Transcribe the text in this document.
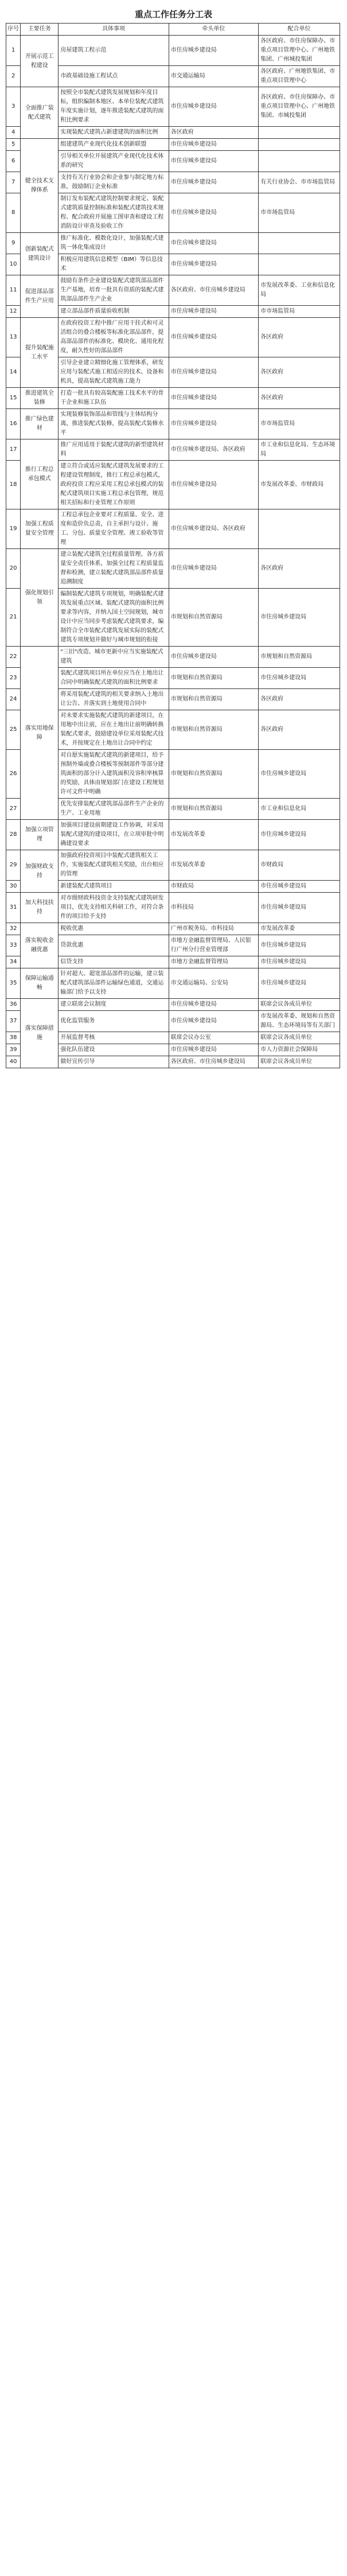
重点工作任务分工表
序号	主要任务	具体事项	牵头单位	配合单位
1	开展示范工程建设	房屋建筑工程示范	市住房城乡建设局	各区政府、市住房保障办、市重点项目管理中心、广州地铁集团、广州城投集团
2		市政基础设施工程试点	市交通运输局	各区政府、广州地铁集团、市重点项目管理中心
3	全面推广装配式建筑	按照全市装配式建筑发展规划和年度目标，组织编制本地区、本单位装配式建筑年度实施计划，逐年推进装配式建筑的面积比例要求	市住房城乡建设局	各区政府、市住房保障办、市重点项目管理中心、广州地铁集团、市城投集团
4		实现装配式建筑占新建建筑的面积比例	各区政府	
5	健全技术支撑体系	组建建筑产业现代化技术创新联盟	市住房城乡建设局	
6		引导相关单位开展建筑产业现代化技术体系的研究	市住房城乡建设局	
7		支持有关行业协会和企业参与制定地方标准，鼓励制订企业标准	市住房城乡建设局	有关行业协会、市市场监管局
8		制订发布装配式建筑控制要求规定、装配式建筑质量控制标准和装配式建筑技术规程、配合政府开展施工图审查和建设工程消防设计审查及验收工作	市住房城乡建设局	市市场监管局
9	创新装配式建筑设计	推广标准化、模数化设计，加强装配式建筑一体化集成设计	市住房城乡建设局	
10		积极应用建筑信息模型（BIM）等信息技术	市住房城乡建设局	
11	促进部品部件生产应用	鼓励有条件企业建设装配式建筑部品部件生产基地，培育一批具有资质的装配式建筑部品部件生产企业	各区政府、市住房城乡建设局	市发展改革委、工业和信息化局
12		建立部品部件质量验收机制	市住房城乡建设局	市市场监管局
13	提升装配施工水平	在政府投资工程中推广应用干挂式和可灵活组合的叠合楼板等标准化部品部件，提高部品部件的标准化、模块化、通用化程度，耐久性好的部品部件	市住房城乡建设局	各区政府
14		引导企业建立精细化施工管理体系，研发应用与装配式施工相适应的技术、设备和机具，提高装配式建筑施工能力	市住房城乡建设局	各区政府
15	推进建筑全装修	打造一批具有较高装配施工技术水平的骨干企业和施工队伍	市住房城乡建设局	各区政府
16	推广绿色建材	实现装修装饰部品和管线与主体结构分离，推进装配式装修，提高装配式装修水平	市住房城乡建设局	市市场监管局
17	推行工程总承包模式	推广应用适用于装配式建筑的新型建筑材料	市住房城乡建设局、各区政府	市工业和信息化局、生态环境局
18		建立符合或适应装配式建筑发展要求的工程建设管理制度，推行工程总承包模式，政府投资工程应采用工程总承包模式的装配式建筑项目实施工程总承包管理，规范相关招标和行业管理工作原则	市住房城乡建设局	市发展改革委、市财政局
19	加强工程质量安全管理	工程总承包企业要对工程质量、安全、进度和造价负总责，自主承担与设计、施工、分包、质量安全管理、竣工验收等管理	市住房城乡建设局、各区政府	
20	强化规划引领	建立装配式建筑全过程质量管理、各方质量安全责任体系，加强全过程工程质量监督和检测，建立装配式建筑部品部件质量追溯制度	市住房城乡建设局	各区政府
21		编制装配式建筑专项规划，明确装配式建筑发展重点区域、装配式建筑的面积比例要求等内容，并纳入国土空间规划，城市设计中应当同步考虑装配式建筑要求，编制符合全市装配式建筑发展实际的装配式建筑专项规划并做好与城市规划的衔接	市规划和自然资源局	市住房城乡建设局
22	落实用地保障	"三旧"改造、城市更新中应当实施装配式建筑	市住房城乡建设局	市规划和自然资源局
23		装配式建筑项目所在单位应当在土地出让合同中明确装配式建筑的面积比例要求	市规划和自然资源局	市住房城乡建设局
24		将采用装配式建筑的相关要求纳入土地出让公告、并落实到土地使用合同中	市规划和自然资源局	各区政府
25		对未要求实施装配式建筑的新建项目，在用地中出让前，应在土地出让前明确转换装配式要求，鼓励建设单位采用装配式技术，并按规定在土地出让合同中约定	市规划和自然资源局	各区政府
26		对自愿实施装配式建筑的新建项目，给予预制外墙或叠合楼板等预制部件等部分建筑面积的部分计入建筑面积及容积率核算的奖励，具体由规划部门在建设工程规划许可文件中明确	市规划和自然资源局	市住房城乡建设局
27		优先安排装配式建筑部品部件生产企业的生产、工业用地	市规划和自然资源局	市工业和信息化局
28	加强立项管理	加强项目建设前期建设工作协调，对采用装配式建筑的建设项目，在立项审批中明确建设要求	市发展改革委	市住房城乡建设局
29	加强财政支持	加强政府投资项目中装配式建筑相关工作，实施装配式建筑相关奖励，出台相应的管理	市发展改革委	市财政局
30		新建装配式建筑项目	市财政局	市住房城乡建设局
31	加大科技扶持	对市级财政科技资金支持装配式建筑研发项目，优先支持相关科研工作，对符合条件的项目给予支持	市科技局	市住房城乡建设局
32	落实税收金融优惠	税收优惠	广州市税务局、市科技局	市发展改革委
33		贷款优惠	市地方金融监督管理局、人民银行广州分行营业管理部	市住房城乡建设局
34		信贷支持	市地方金融监督管理局	市住房城乡建设局
35	保障运输通畅	针对超大、超宽部品部件的运输，建立装配式建筑部品部件运输绿色通道，交通运输部门给予以支持	市交通运输局、公安局	市住房城乡建设局
36	落实保障措施	建立联席会议制度	市住房城乡建设局	联席会议各成员单位
37		优化监管服务	市住房城乡建设局	市发展改革委、规划和自然资源局、生态环境局等有关部门
38		开展监督考核	联席会议办公室	联席会议各成员单位
39		强化队伍建设	市住房城乡建设局	市人力资源社会保障局
40		做好宣传引导	各区政府、市住房城乡建设局	联席会议各成员单位
